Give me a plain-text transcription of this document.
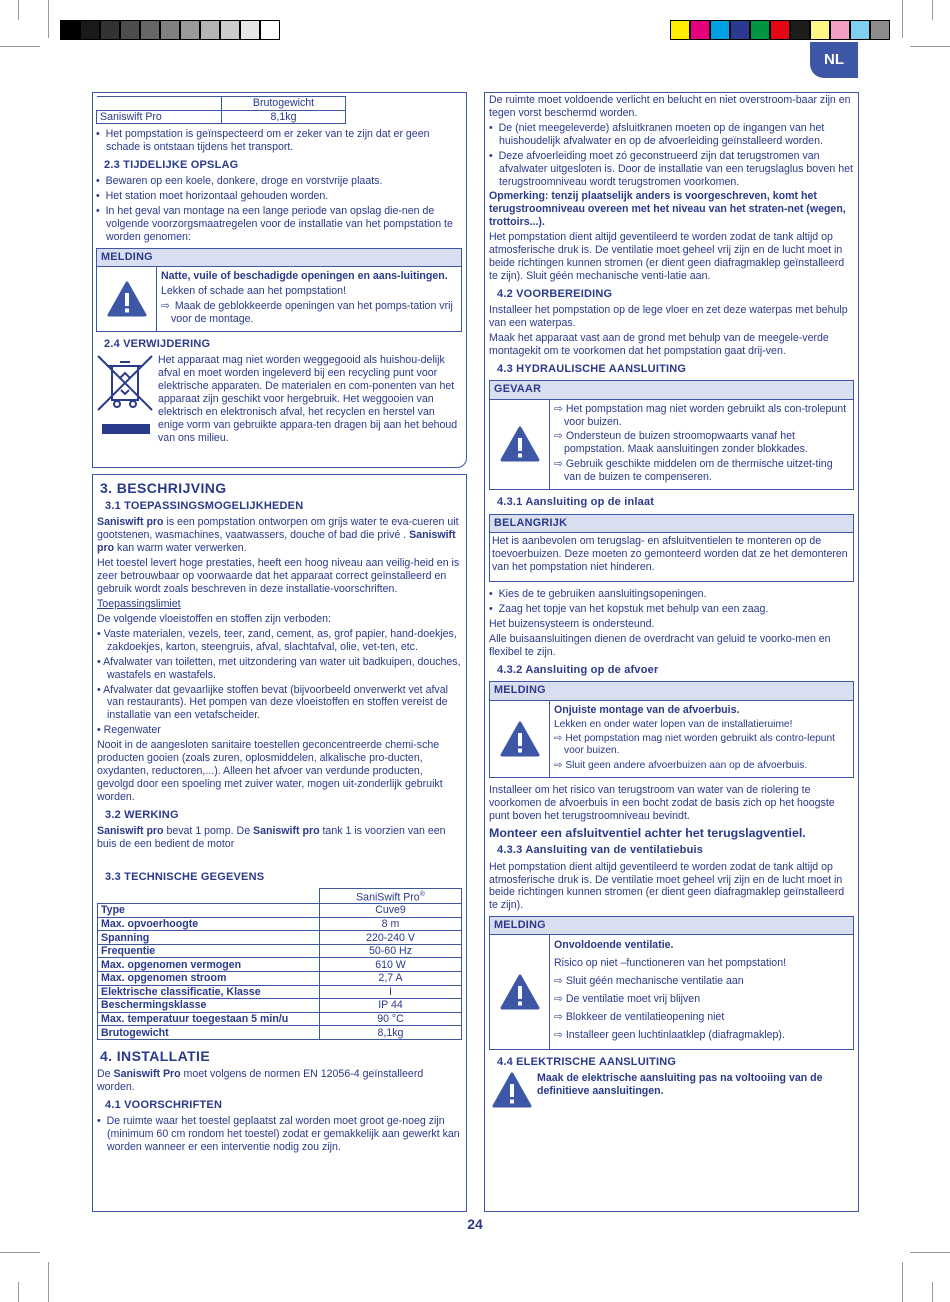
NL
	Brutogewicht
Saniswift Pro	8,1kg

•  Het pompstation is geïnspecteerd om er zeker van te zijn dat er geen schade is ontstaan tijdens het transport.

2.3 TIJDELIJKE OPSLAG

•  Bewaren op een koele, donkere, droge en vorstvrije plaats.

•  Het station moet horizontaal gehouden worden.

•  In het geval van montage na een lange periode van opslag die-nen de volgende voorzorgsmaatregelen voor de installatie van het pompstation te worden genomen:

MELDING

Natte, vuile of beschadigde openingen en aans-luitingen.

Lekken of schade aan het pompstation!

⇨ Maak de geblokkeerde openingen van het pomps-tation vrij voor de montage.

2.4 VERWIJDERING

Het apparaat mag niet worden weggegooid als huishou-delijk afval en moet worden ingeleverd bij een recycling punt voor elektrische apparaten. De materialen en com-ponenten van het apparaat zijn geschikt voor hergebruik. Het weggooien van elektrisch en elektronisch afval, het recyclen en herstel van enige vorm van gebruikte appara-ten dragen bij aan het behoud van ons milieu.

3. BESCHRIJVING
3.1 TOEPASSINGSMOGELIJKHEDEN

Saniswift pro is een pompstation ontworpen om grijs water te eva-cueren uit gootstenen, wasmachines, vaatwassers, douche of bad die privé . Saniswift pro kan warm water verwerken.

Het toestel levert hoge prestaties, heeft een hoog niveau aan veilig-heid en is zeer betrouwbaar op voorwaarde dat het apparaat correct geïnstalleerd en gebruik wordt zoals beschreven in deze installatie-voorschriften.

Toepassingslimiet

De volgende vloeistoffen en stoffen zijn verboden:

• Vaste materialen, vezels, teer, zand, cement, as, grof papier, hand-doekjes, zakdoekjes, karton, steengruis, afval, slachtafval, olie, vet-ten, etc.

• Afvalwater van toiletten, met uitzondering van water uit badkuipen, douches, wastafels en wastafels.

• Afvalwater dat gevaarlijke stoffen bevat (bijvoorbeeld onverwerkt vet afval van restaurants). Het pompen van deze vloeistoffen en stoffen vereist de installatie van een vetafscheider.

• Regenwater

Nooit in de aangesloten sanitaire toestellen geconcentreerde chemi-sche producten gooien (zoals zuren, oplosmiddelen, alkalische pro-ducten, oxydanten, reductoren,...). Alleen het afvoer van verdunde producten, gevolgd door een spoeling met zuiver water, mogen uit-zonderlijk gebruikt worden.

3.2 WERKING

Saniswift pro bevat 1 pomp. De Saniswift pro tank 1 is voorzien van een buis de een bedient de motor

3.3 TECHNISCHE GEGEVENS
	SaniSwift Pro®
Type	Cuve9
Max. opvoerhoogte	8 m
Spanning	220-240 V
Frequentie	50-60 Hz
Max. opgenomen vermogen	610 W
Max. opgenomen stroom	2,7 A
Elektrische classificatie, Klasse	I
Beschermingsklasse	IP 44
Max. temperatuur toegestaan 5 min/u	90 °C
Brutogewicht	8,1kg
4. INSTALLATIE

De Saniswift Pro moet volgens de normen EN 12056-4 geïnstalleerd worden.

4.1 VOORSCHRIFTEN

•  De ruimte waar het toestel geplaatst zal worden moet groot ge-noeg zijn (minimum 60 cm rondom het toestel) zodat er gemakkelijk aan gewerkt kan worden wanneer er een interventie nodig zou zijn.

De ruimte moet voldoende verlicht en belucht en niet overstroom-baar zijn en tegen vorst beschermd worden.

•  De (niet meegeleverde) afsluitkranen moeten op de ingangen van het huishoudelijk afvalwater en op de afvoerleiding geïnstalleerd worden.

•  Deze afvoerleiding moet zó geconstrueerd zijn dat terugstromen van afvalwater uitgesloten is. Door de installatie van een terugslaglus boven het terugstroomniveau wordt terugstromen voorkomen.

Opmerking: tenzij plaatselijk anders is voorgeschreven, komt het terugstroomniveau overeen met het niveau van het straten-net (wegen, trottoirs...).

Het pompstation dient altijd geventileerd te worden zodat de tank altijd op atmosferische druk is. De ventilatie moet geheel vrij zijn en de lucht moet in beide richtingen kunnen stromen (er dient geen diafragmaklep geïnstalleerd te zijn). Sluit géén mechanische venti-latie aan.

4.2 VOORBEREIDING

Installeer het pompstation op de lege vloer en zet deze waterpas met behulp van een waterpas.

Maak het apparaat vast aan de grond met behulp van de meegele-verde montagekit om te voorkomen dat het pompstation gaat drij-ven.

4.3 HYDRAULISCHE AANSLUITING
GEVAAR

⇨ Het pompstation mag niet worden gebruikt als con-trolepunt voor buizen.

⇨ Ondersteun de buizen stroomopwaarts vanaf het pompstation. Maak aansluitingen zonder blokkades.

⇨ Gebruik geschikte middelen om de thermische uitzet-ting van de buizen te compenseren.

4.3.1 Aansluiting op de inlaat
BELANGRIJK

Het is aanbevolen om terugslag- en afsluitventielen te monteren op de toevoerbuizen. Deze moeten zo gemonteerd worden dat ze het demonteren van het pompstation niet hinderen.

•  Kies de te gebruiken aansluitingsopeningen.

•  Zaag het topje van het kopstuk met behulp van een zaag.

Het buizensysteem is ondersteund.

Alle buisaansluitingen dienen de overdracht van geluid te voorko-men en flexibel te zijn.

4.3.2 Aansluiting op de afvoer
MELDING

Onjuiste montage van de afvoerbuis.

Lekken en onder water lopen van de installatieruime!

⇨ Het pompstation mag niet worden gebruikt als contro-lepunt voor buizen.

⇨ Sluit geen andere afvoerbuizen aan op de afvoerbuis.

Installeer om het risico van terugstroom van water van de riolering te voorkomen de afvoerbuis in een bocht zodat de basis zich op het hoogste punt boven het terugstroomniveau bevindt.

Monteer een afsluitventiel achter het terugslagventiel.

4.3.3 Aansluiting van de ventilatiebuis

Het pompstation dient altijd geventileerd te worden zodat de tank altijd op atmosferische druk is. De ventilatie moet geheel vrij zijn en de lucht moet in beide richtingen kunnen stromen (er dient geen diafragmaklep geïnstalleerd te zijn).

MELDING

Onvoldoende ventilatie.

Risico op niet –functioneren van het pompstation!

⇨ Sluit géén mechanische ventilatie aan

⇨ De ventilatie moet vrij blijven

⇨ Blokkeer de ventilatieopening niet

⇨ Installeer geen luchtinlaatklep (diafragmaklep).

4.4 ELEKTRISCHE AANSLUITING

Maak de elektrische aansluiting pas na voltooiing van de definitieve aansluitingen.

24
